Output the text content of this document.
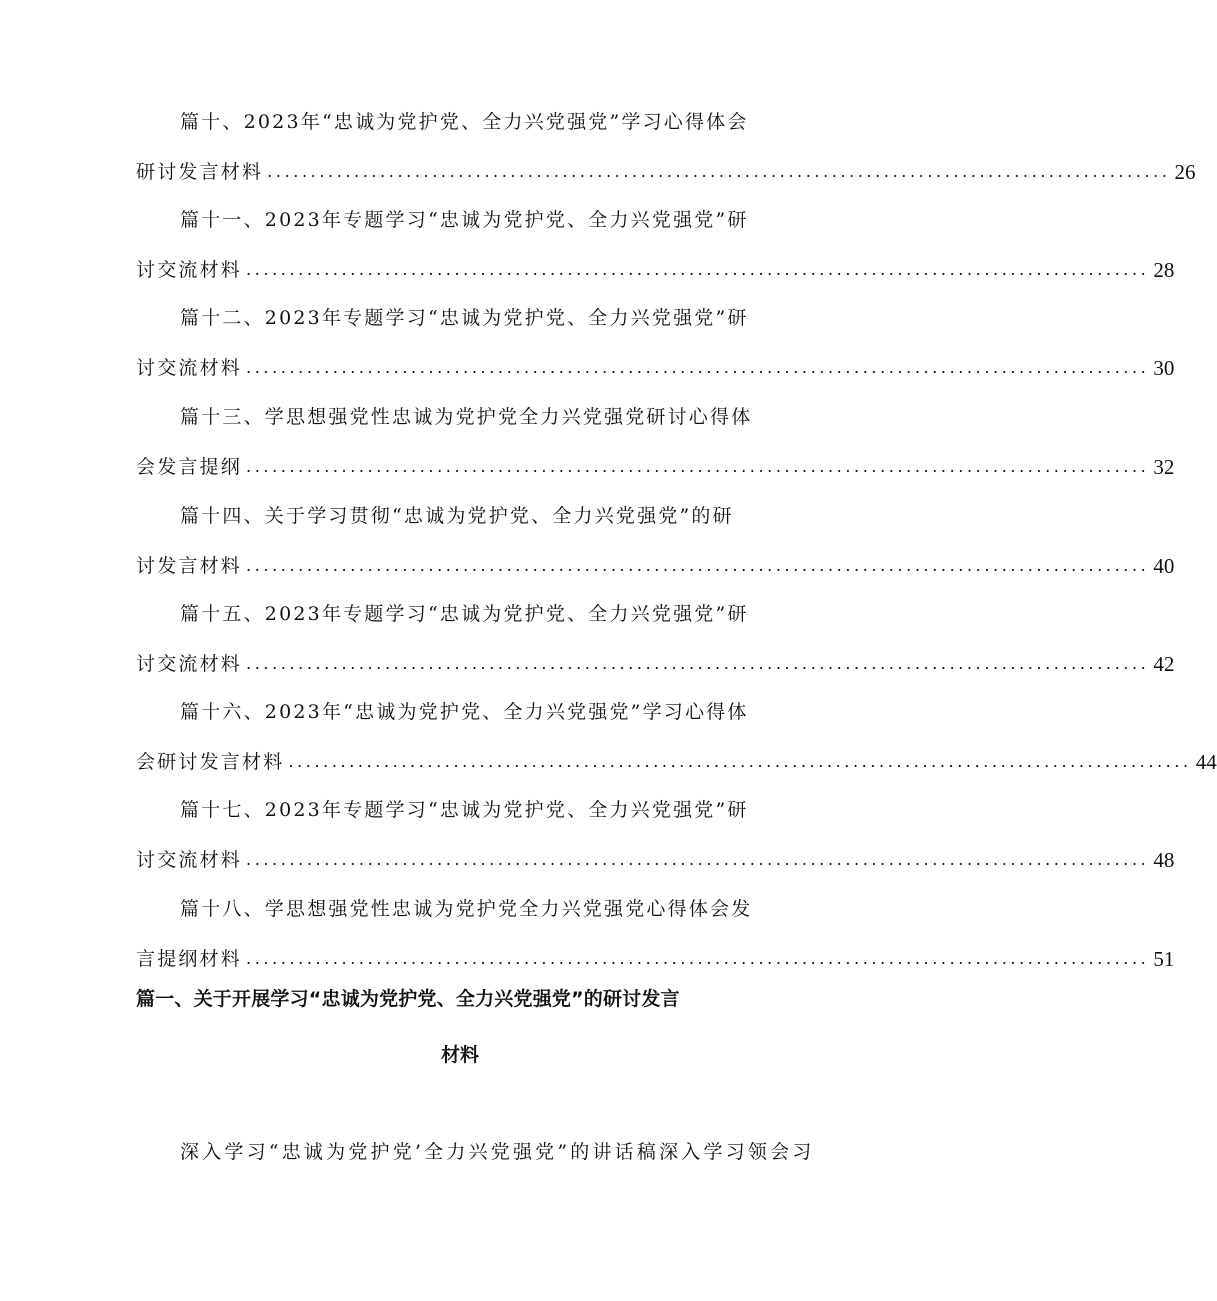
篇十、2023年“忠诚为党护党、全力兴党强党”学习心得体会
研讨发言材料 ........................................................................................................ 26
篇十一、2023年专题学习“忠诚为党护党、全力兴党强党”研
讨交流材料 ........................................................................................................ 28
篇十二、2023年专题学习“忠诚为党护党、全力兴党强党”研
讨交流材料 ........................................................................................................ 30
篇十三、学思想强党性忠诚为党护党全力兴党强党研讨心得体
会发言提纲 ........................................................................................................ 32
篇十四、关于学习贯彻“忠诚为党护党、全力兴党强党”的研
讨发言材料 ........................................................................................................ 40
篇十五、2023年专题学习“忠诚为党护党、全力兴党强党”研
讨交流材料 ........................................................................................................ 42
篇十六、2023年“忠诚为党护党、全力兴党强党”学习心得体
会研讨发言材料 ........................................................................................................ 44
篇十七、2023年专题学习“忠诚为党护党、全力兴党强党”研
讨交流材料 ........................................................................................................ 48
篇十八、学思想强党性忠诚为党护党全力兴党强党心得体会发
言提纲材料 ........................................................................................................ 51
篇一、关于开展学习“忠诚为党护党、全力兴党强党”的研讨发言
材料
深入学习“忠诚为党护党’全力兴党强党”的讲话稿深入学习领会习
